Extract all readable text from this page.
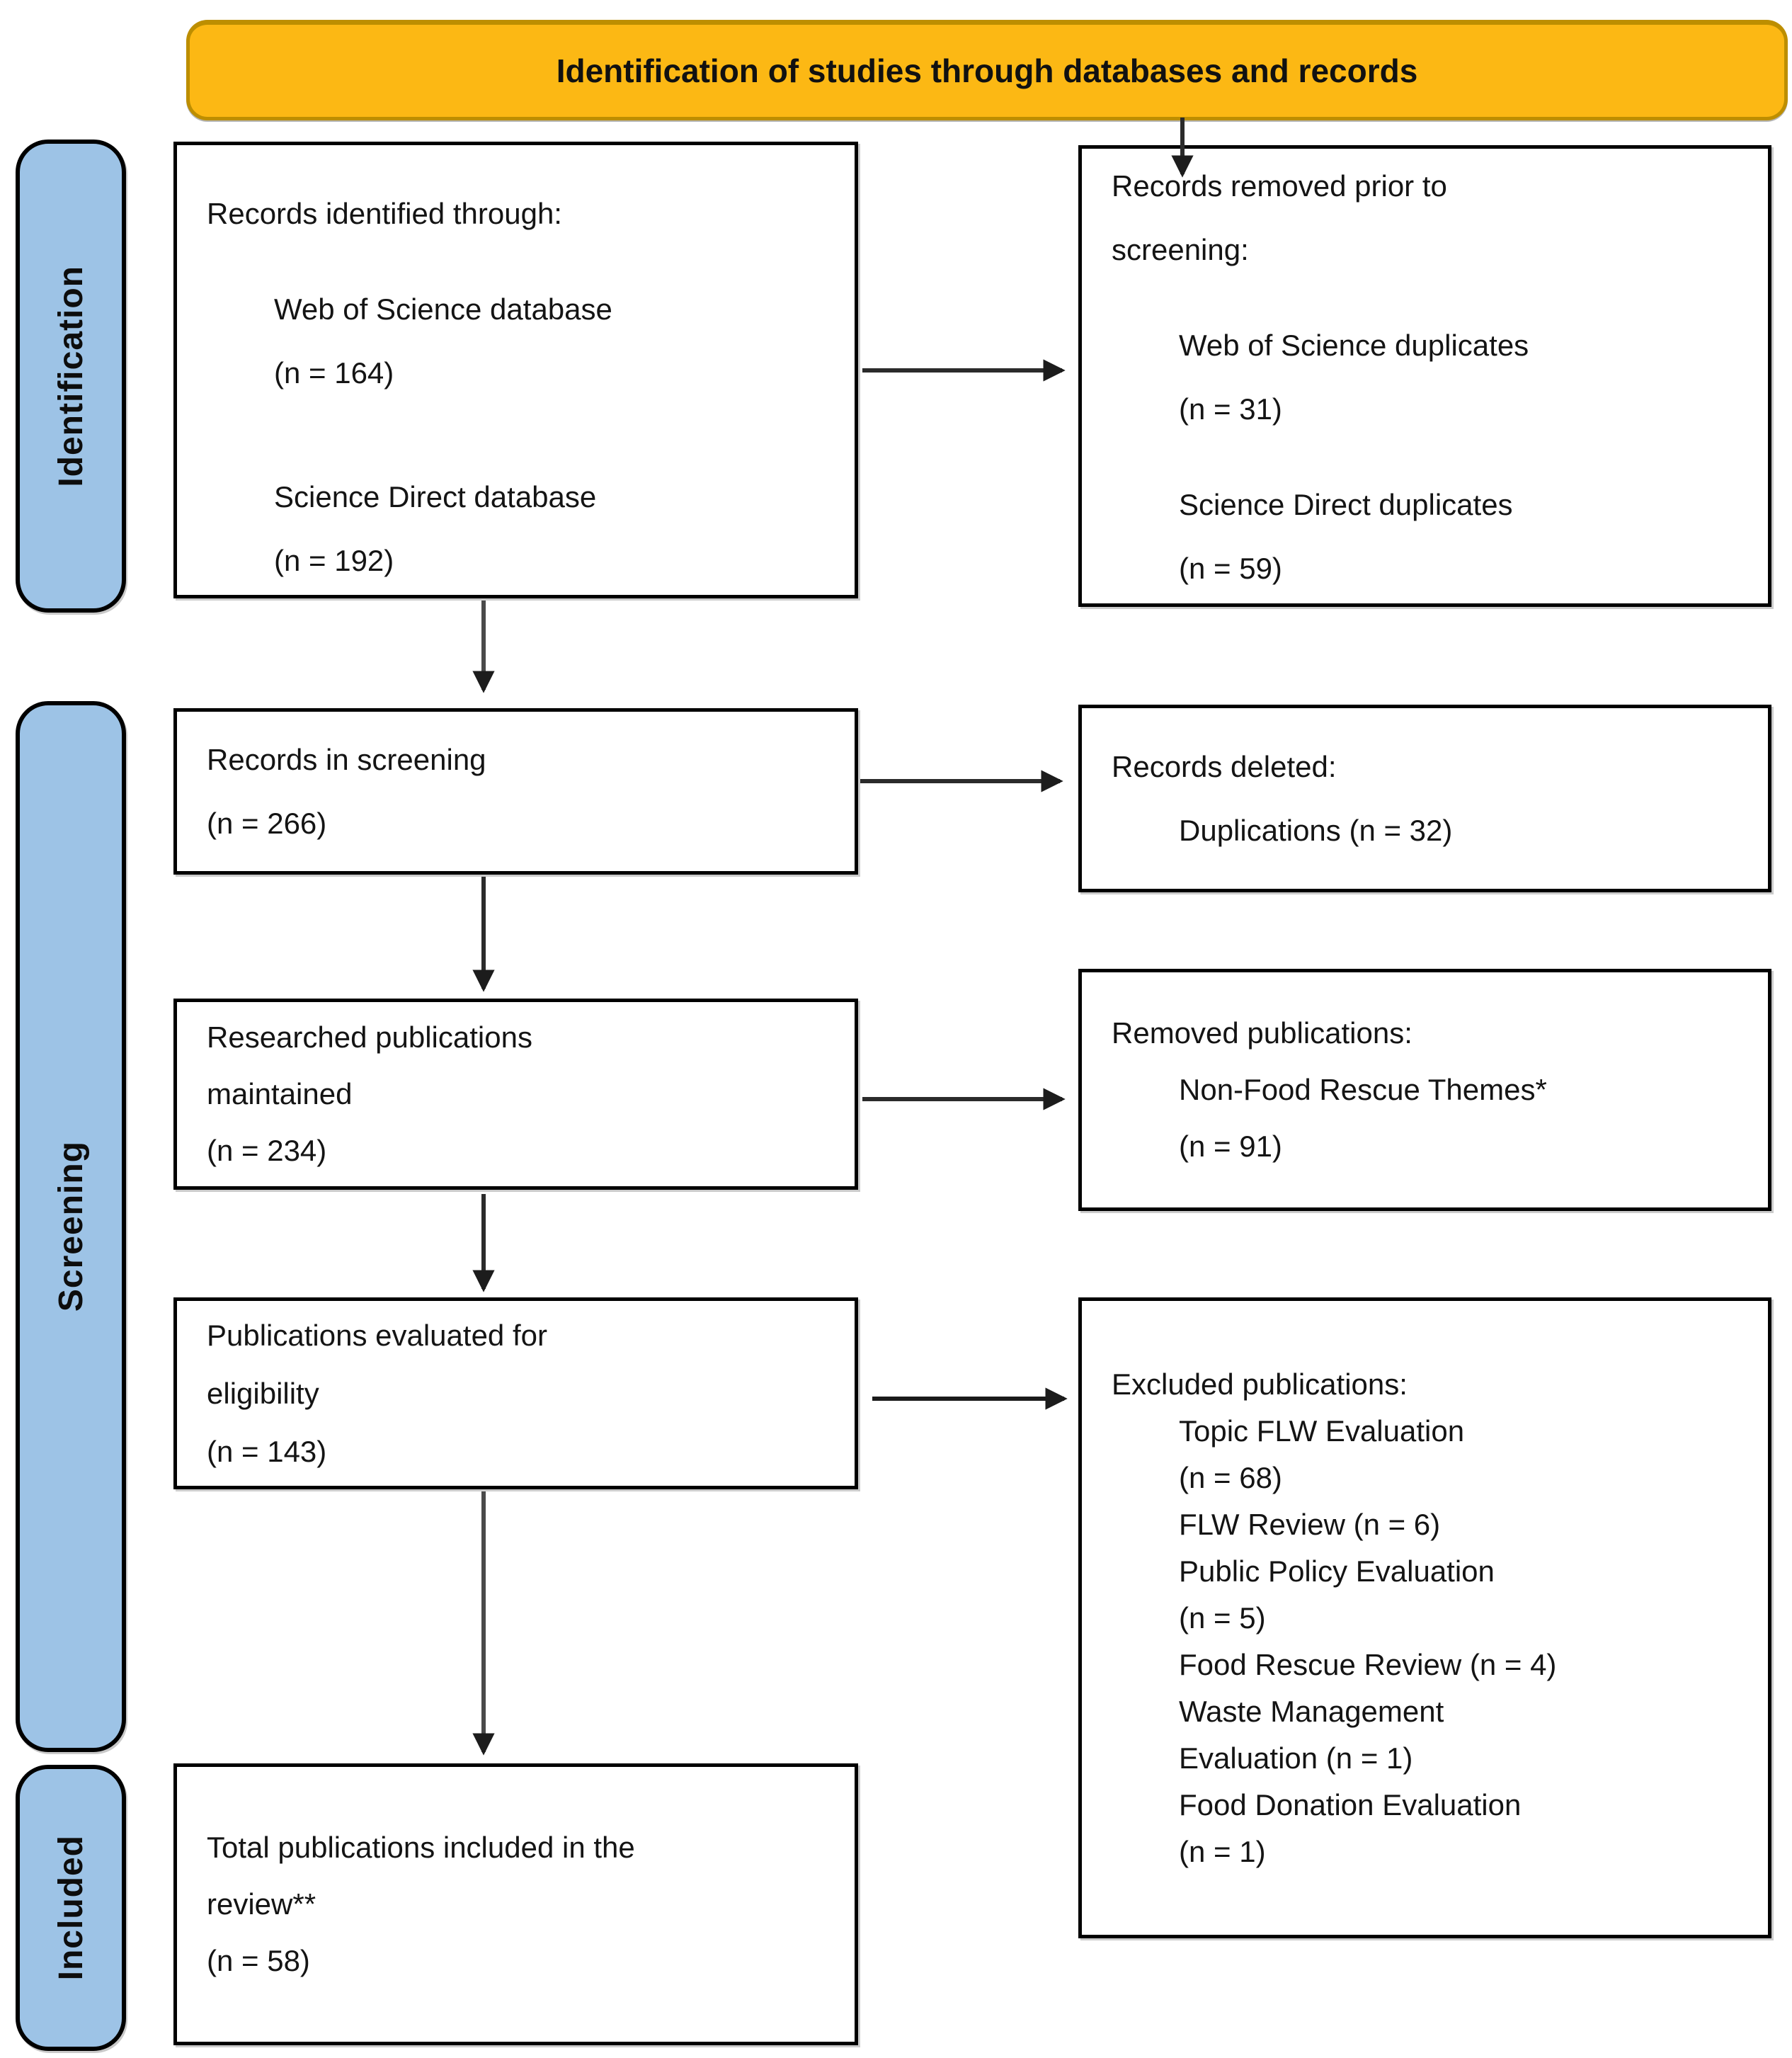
Identification of studies through databases and records
Identification
Screening
Included
Records identified through:
Web of Science database
(n = 164)
Science Direct database
(n = 192)
Records removed prior to
screening:
Web of Science duplicates
(n = 31)
Science Direct duplicates
(n = 59)
Records in screening
(n = 266)
Records deleted:
Duplications (n = 32)
Researched publications
maintained
(n = 234)
Removed publications:
Non-Food Rescue Themes*
(n = 91)
Publications evaluated for
eligibility
(n = 143)
Excluded publications:
Topic FLW Evaluation
(n = 68)
FLW Review (n = 6)
Public Policy Evaluation
(n = 5)
Food Rescue Review (n = 4)
Waste Management
Evaluation (n = 1)
Food Donation Evaluation
(n = 1)
Total publications included in the
review**
(n = 58)
